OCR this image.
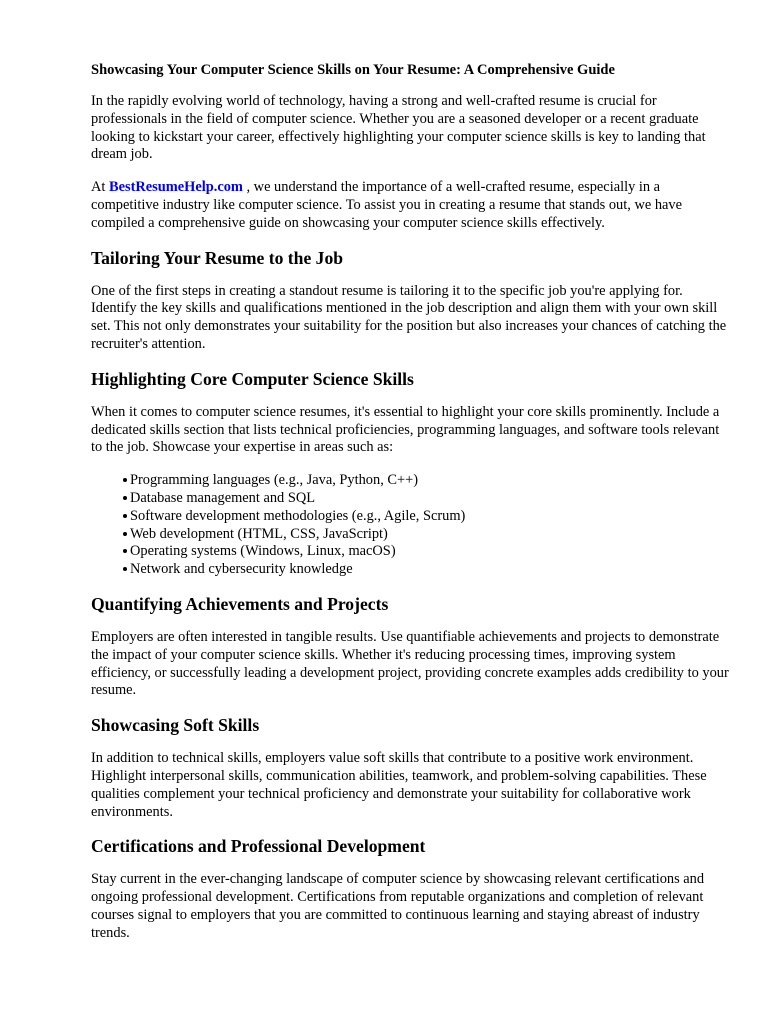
Showcasing Your Computer Science Skills on Your Resume: A Comprehensive Guide

In the rapidly evolving world of technology, having a strong and well-crafted resume is crucial for professionals in the field of computer science. Whether you are a seasoned developer or a recent graduate looking to kickstart your career, effectively highlighting your computer science skills is key to landing that dream job.

At BestResumeHelp.com , we understand the importance of a well-crafted resume, especially in a competitive industry like computer science. To assist you in creating a resume that stands out, we have compiled a comprehensive guide on showcasing your computer science skills effectively.

Tailoring Your Resume to the Job

One of the first steps in creating a standout resume is tailoring it to the specific job you're applying for. Identify the key skills and qualifications mentioned in the job description and align them with your own skill set. This not only demonstrates your suitability for the position but also increases your chances of catching the recruiter's attention.

Highlighting Core Computer Science Skills

When it comes to computer science resumes, it's essential to highlight your core skills prominently. Include a dedicated skills section that lists technical proficiencies, programming languages, and software tools relevant to the job. Showcase your expertise in areas such as:

Programming languages (e.g., Java, Python, C++)
Database management and SQL
Software development methodologies (e.g., Agile, Scrum)
Web development (HTML, CSS, JavaScript)
Operating systems (Windows, Linux, macOS)
Network and cybersecurity knowledge
Quantifying Achievements and Projects

Employers are often interested in tangible results. Use quantifiable achievements and projects to demonstrate the impact of your computer science skills. Whether it's reducing processing times, improving system efficiency, or successfully leading a development project, providing concrete examples adds credibility to your resume.

Showcasing Soft Skills

In addition to technical skills, employers value soft skills that contribute to a positive work environment. Highlight interpersonal skills, communication abilities, teamwork, and problem-solving capabilities. These qualities complement your technical proficiency and demonstrate your suitability for collaborative work environments.

Certifications and Professional Development

Stay current in the ever-changing landscape of computer science by showcasing relevant certifications and ongoing professional development. Certifications from reputable organizations and completion of relevant courses signal to employers that you are committed to continuous learning and staying abreast of industry trends.
